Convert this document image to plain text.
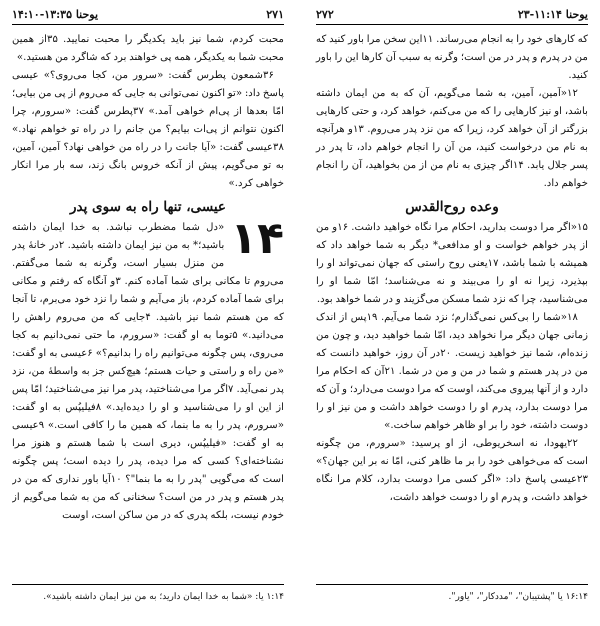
یوحنا ۱۱:۱۴-۲۳
۲۷۲

که کارهای خود را به انجام می‌رساند. ۱۱این سخن مرا باور کنید که من در پدرم و پدر در من است؛ وگرنه به سبب آن کارها این را باور کنید.

۱۲«آمین، آمین، به شما می‌گویم، آن که به من ایمان داشته باشد، او نیز کارهایی را که من می‌کنم، خواهد کرد، و حتی کارهایی بزرگتر از آن خواهد کرد، زیرا که من نزد پدر می‌روم. ۱۳و هرآنچه به نام من درخواست کنید، من آن را انجام خواهم داد، تا پدر در پسر جلال یابد. ۱۴اگر چیزی به نام من از من بخواهید، آن را انجام خواهم داد.

وعده روح‌القدس

۱۵«اگر مرا دوست بدارید، احکام مرا نگاه خواهید داشت. ۱۶و من از پدر خواهم خواست و او مدافعی* دیگر به شما خواهد داد که همیشه با شما باشد، ۱۷یعنی روح راستی که جهان نمی‌تواند او را بپذیرد، زیرا نه او را می‌بیند و نه می‌شناسد؛ امّا شما او را می‌شناسید، چرا که نزد شما مسکن می‌گزیند و در شما خواهد بود.

۱۸«شما را بی‌کس نمی‌گذارم؛ نزد شما می‌آیم. ۱۹پس از اندک زمانی جهان دیگر مرا نخواهد دید، امّا شما خواهید دید، و چون من زنده‌ام، شما نیز خواهید زیست. ۲۰در آن روز، خواهید دانست که من در پدر هستم و شما در من و من در شما. ۲۱آن که احکام مرا دارد و از آنها پیروی می‌کند، اوست که مرا دوست می‌دارد؛ و آن که مرا دوست بدارد، پدرم او را دوست خواهد داشت و من نیز او را دوست داشته، خود را بر او ظاهر خواهم ساخت.»

۲۲یهودا، نه اسخریوطی، از او پرسید: «سرورم، من چگونه است که می‌خواهی خود را بر ما ظاهر کنی، امّا نه بر این جهان؟» ۲۳عیسی پاسخ داد: «اگر کسی مرا دوست بدارد، کلام مرا نگاه خواهد داشت، و پدرم او را دوست خواهد داشت،

۱۶:۱۴ یا "پشتیبان"، "مددکار"، "یاور".
۲۷۱
یوحنا ۱۳:۳۵-۱۴:۱۰

محبت کردم، شما نیز باید یکدیگر را محبت نمایید. ۳۵از همین محبت شما به یکدیگر، همه پی خواهند برد که شاگرد من هستید.»

۳۶شمعون پطرس گفت: «سرور من، کجا می‌روی؟» عیسی پاسخ داد: «تو اکنون نمی‌توانی به جایی که می‌روم از پی من بیایی؛ امّا بعدها از پی‌ام خواهی آمد.» ۳۷پطرس گفت: «سرورم، چرا اکنون نتوانم از پی‌ات بیایم؟ من جانم را در راه تو خواهم نهاد.» ۳۸عیسی گفت: «آیا جانت را در راه من خواهی نهاد؟ آمین، آمین، به تو می‌گویم، پیش از آنکه خروس بانگ زند، سه بار مرا انکار خواهی کرد.»

عیسی، تنها راه به سوی پدر
۱۴

«دل شما مضطرب نباشد. به خدا ایمان داشته باشید؛* به من نیز ایمان داشته باشید. ۲در خانهٔ پدر من منزل بسیار است، وگرنه به شما می‌گفتم. می‌روم تا مکانی برای شما آماده کنم. ۳و آنگاه که رفتم و مکانی برای شما آماده کردم، باز می‌آیم و شما را نزد خود می‌برم، تا آنجا که من هستم شما نیز باشید. ۴جایی که من می‌روم راهش را می‌دانید.» ۵توما به او گفت: «سرورم، ما حتی نمی‌دانیم به کجا می‌روی، پس چگونه می‌توانیم راه را بدانیم؟» ۶عیسی به او گفت: «من راه و راستی و حیات هستم؛ هیچ‌کس جز به واسطهٔ من، نزد پدر نمی‌آید. ۷اگر مرا می‌شناختید، پدر مرا نیز می‌شناختید؛ امّا پس از این او را می‌شناسید و او را دیده‌اید.» ۸فیلیپُس به او گفت: «سرورم، پدر را به ما بنما، که همین ما را کافی است.» ۹عیسی به او گفت: «فیلیپُس، دیری است با شما هستم و هنوز مرا نشناخته‌ای؟ کسی که مرا دیده، پدر را دیده است؛ پس چگونه است که می‌گویی "پدر را به ما بنما"؟ ۱۰آیا باور نداری که من در پدر هستم و پدر در من است؟ سخنانی که من به شما می‌گویم از خودم نیست، بلکه پدری که در من ساکن است، اوست

۱:۱۴ یا: «شما به خدا ایمان دارید؛ به من نیز ایمان داشته باشید».
